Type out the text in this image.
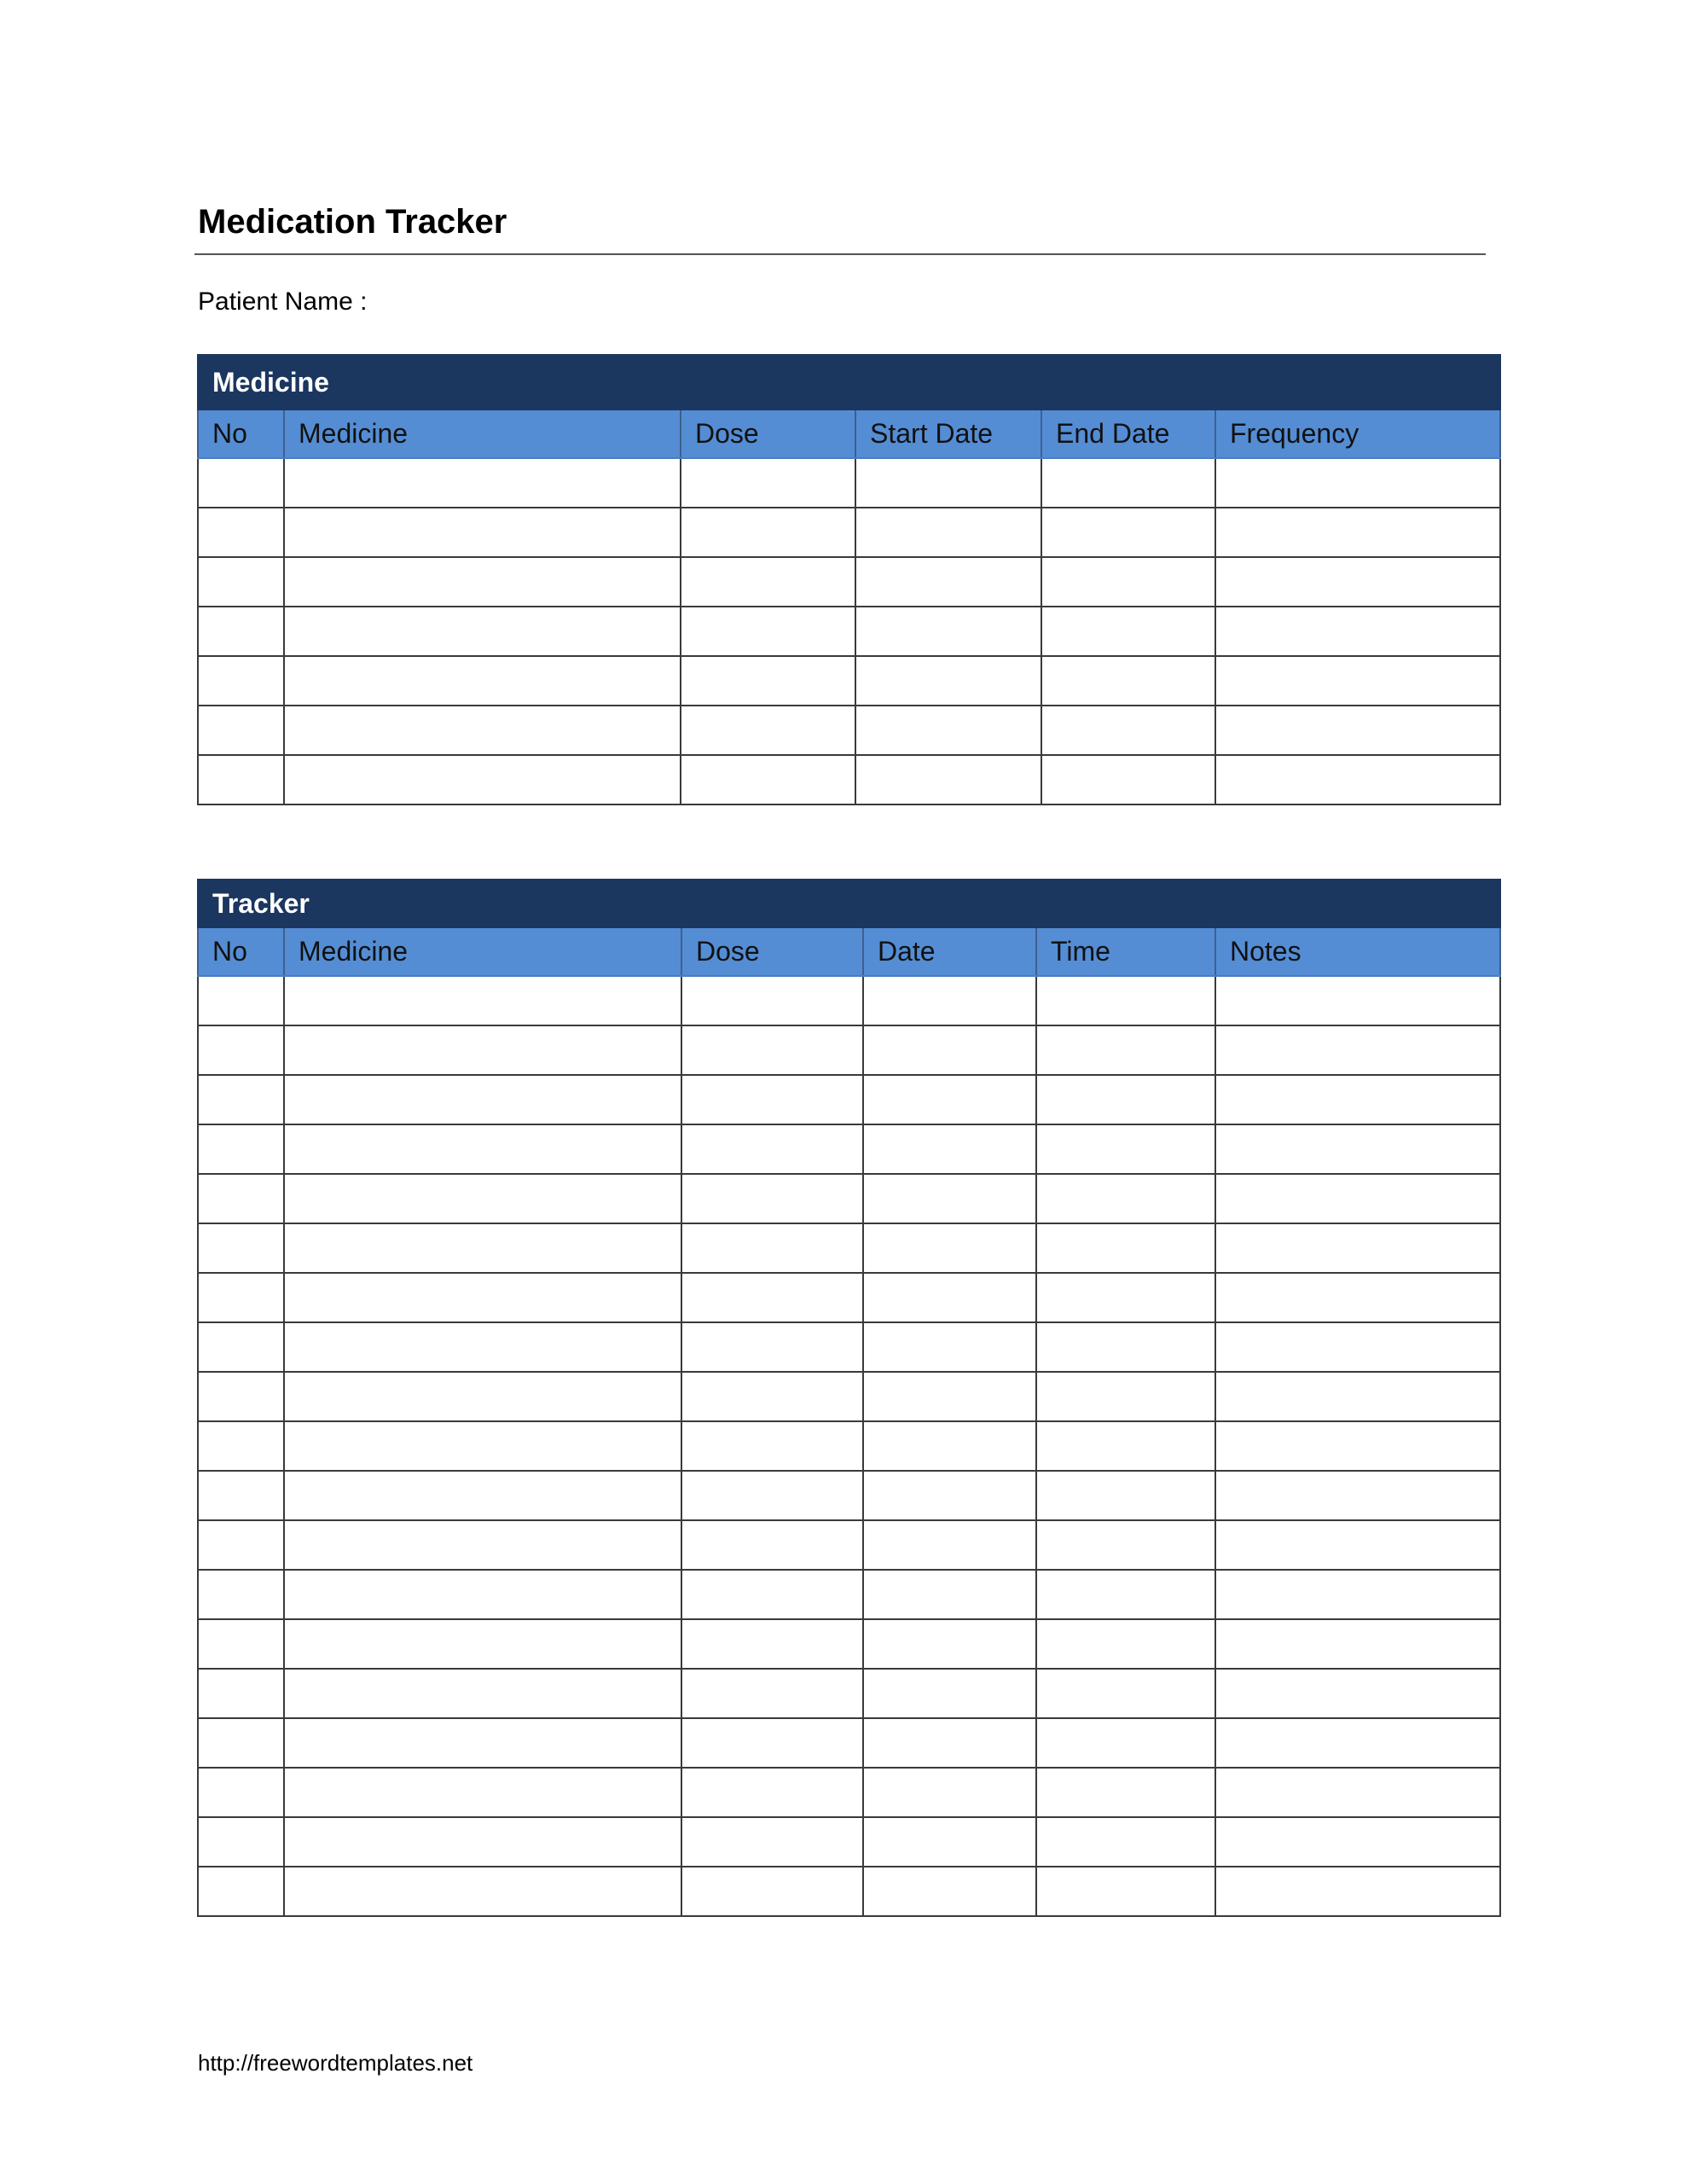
Medication Tracker
Patient Name :
Medicine					
No	Medicine	Dose	Start Date	End Date	Frequency

Tracker					
No	Medicine	Dose	Date	Time	Notes

http://freewordtemplates.net
